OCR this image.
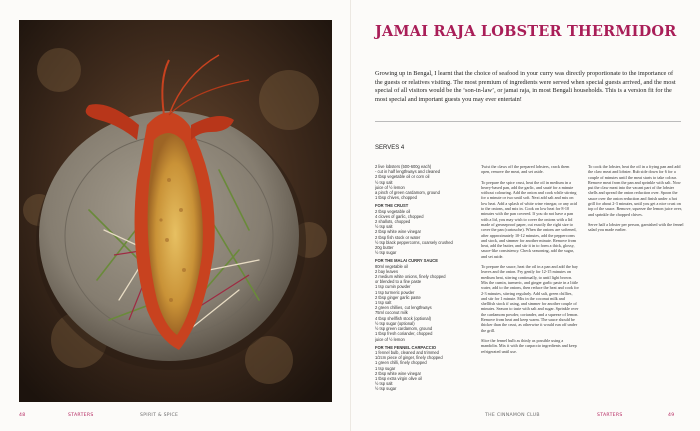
48	STARTERS	SPIRIT & SPICE
JAMAI RAJA LOBSTER THERMIDOR
Growing up in Bengal, I learnt that the choice of seafood in your curry was directly proportionate to the importance of the guests or relatives visiting. The most premium of ingredients were served when special guests arrived, and the most special of all visitors would be the ‘son-in-law’, or jamai raja, in most Bengali households. This is a version fit for the most special and important guests you may ever entertain!
SERVES 4
2 live lobsters (500-600g each)
- cut in half lengthways and cleaned
2 tbsp vegetable oil or corn oil
½ tsp salt
juice of ½ lemon
a pinch of green cardamom, ground
1 tbsp chives, chopped
FOR THE CRUST
2 tbsp vegetable oil
4 cloves of garlic, chopped
2 shallots, chopped
½ tsp salt
2 tbsp white wine vinegar
2 tbsp fish stock or water
½ tsp black peppercorns, coarsely crushed
20g butter
½ tsp sugar
FOR THE MALAI CURRY SAUCE
80ml vegetable oil
2 bay leaves
2 medium white onions, finely chopped
or blended to a fine paste
1 tsp cumin powder
1 tsp turmeric powder
2 tbsp ginger garlic paste
1 tsp salt
2 green chillies, cut lengthways
75ml coconut milk
4 tbsp shellfish stock (optional)
½ tsp sugar (optional)
½ tsp green cardamom, ground
1 tbsp fresh coriander, chopped
juice of ½ lemon
FOR THE FENNEL CARPACCIO
1 fennel bulb, cleaned and trimmed
1/2cm piece of ginger, finely chopped
1 green chilli, finely chopped
1 tsp sugar
2 tbsp white wine vinegar
1 tbsp extra virgin olive oil
½ tsp salt
½ tsp sugar

Twist the claws off the prepared lobsters, crack them open, remove the meat, and set aside.

To prepare the spice crust, heat the oil in medium in a heavy-based pan, add the garlic, and sauté for a minute without colouring. Add the onion and cook while stirring for a minute or two until soft. Next add salt and mix on low heat. Add a splash of white wine vinegar, or any acid to the onions, and mix in. Cook on low heat for 8-10 minutes with the pan covered. If you do not have a pan with a lid, you may wish to cover the onions with a lid made of greaseproof paper, cut exactly the right size to cover the pan (cartouche). When the onions are softened, after approximately 10-12 minutes, add the peppercorns and stock, and simmer for another minute. Remove from heat, add the butter, and stir it in to form a thick, glossy, sauce-like consistency. Check seasoning, add the sugar, and set aside.

To prepare the sauce, heat the oil in a pan and add the bay leaves and the onion. Fry gently for 12-15 minutes on medium heat, stirring continually, to until light brown. Mix the cumin, turmeric, and ginger garlic paste in a little water, add to the onions, then reduce the heat and cook for 2-3 minutes, stirring regularly. Add salt, green chillies, and stir for 1 minute. Mix in the coconut milk and shellfish stock if using, and simmer for another couple of minutes. Season to taste with salt and sugar. Sprinkle over the cardamom powder, coriander, and a squeeze of lemon. Remove from heat and keep warm. The sauce should be thicker than the crust, as otherwise it would run off under the grill.

Slice the fennel bulb as thinly as possible using a mandolin. Mix it with the carpaccio ingredients and keep refrigerated until use.

To cook the lobster, heat the oil in a frying pan and add the claw meat and lobster. Rub side down for 6 for a couple of minutes until the meat starts to take colour. Remove meat from the pan and sprinkle with salt. Now put the claw meat into the vacant part of the lobster shells and spread the onion reduction over. Spoon the sauce over the onion reduction and finish under a hot grill for about 2-3 minutes, until you get a nice crust on top of the sauce. Remove, squeeze the lemon juice over, and sprinkle the chopped chives.

Serve half a lobster per person, garnished with the fennel salad you made earlier.

THE CINNAMON CLUB	STARTERS	49
